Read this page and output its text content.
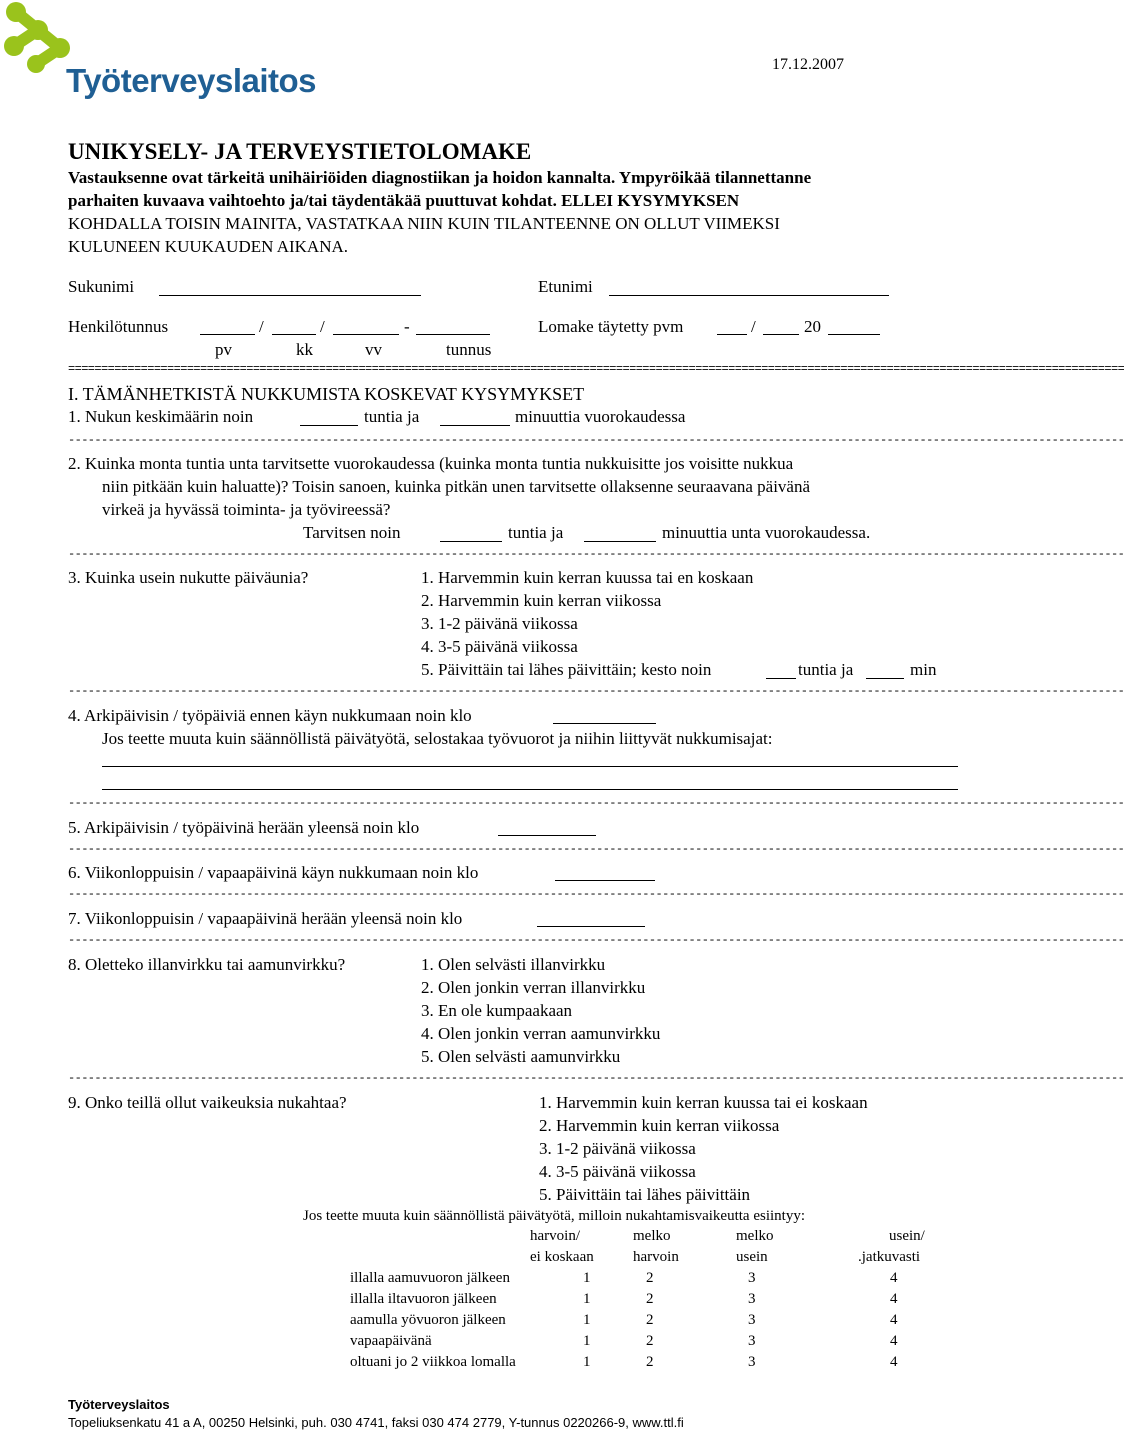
Työterveyslaitos	17.12.2007
UNIKYSELY- JA TERVEYSTIETOLOMAKE
Vastauksenne ovat tärkeitä unihäiriöiden diagnostiikan ja hoidon kannalta. Ympyröikää tilannettanne
parhaiten kuvaava vaihtoehto ja/tai täydentäkää puuttuvat kohdat. ELLEI KYSYMYKSEN
KOHDALLA TOISIN MAINITA, VASTATKAA NIIN KUIN TILANTEENNE ON OLLUT VIIMEKSI
KULUNEEN KUUKAUDEN AIKANA.
Sukunimi	Etunimi
Henkilötunnus	/	/	-	Lomake täytetty pvm	/	20
pv	kk	vv	tunnus
================================================================================================================================================================
I. TÄMÄNHETKISTÄ NUKKUMISTA KOSKEVAT KYSYMYKSET
1. Nukun keskimäärin noin	tuntia ja	minuuttia vuorokaudessa
----------------------------------------------------------------------------------------------------------------------------------------------------------------
2. Kuinka monta tuntia unta tarvitsette vuorokaudessa (kuinka monta tuntia nukkuisitte jos voisitte nukkua
niin pitkään kuin haluatte)? Toisin sanoen, kuinka pitkän unen tarvitsette ollaksenne seuraavana päivänä
virkeä ja hyvässä toiminta- ja työvireessä?
Tarvitsen noin	tuntia ja	minuuttia unta vuorokaudessa.
----------------------------------------------------------------------------------------------------------------------------------------------------------------
3. Kuinka usein nukutte päiväunia?	1. Harvemmin kuin kerran kuussa tai en koskaan
2. Harvemmin kuin kerran viikossa
3. 1-2 päivänä viikossa
4. 3-5 päivänä viikossa
5. Päivittäin tai lähes päivittäin; kesto noin	tuntia ja	min
----------------------------------------------------------------------------------------------------------------------------------------------------------------
4. Arkipäivisin / työpäiviä ennen käyn nukkumaan noin klo
Jos teette muuta kuin säännöllistä päivätyötä, selostakaa työvuorot ja niihin liittyvät nukkumisajat:
----------------------------------------------------------------------------------------------------------------------------------------------------------------
5. Arkipäivisin / työpäivinä herään yleensä noin klo
----------------------------------------------------------------------------------------------------------------------------------------------------------------
6. Viikonloppuisin / vapaapäivinä käyn nukkumaan noin klo
----------------------------------------------------------------------------------------------------------------------------------------------------------------
7. Viikonloppuisin / vapaapäivinä herään yleensä noin klo
----------------------------------------------------------------------------------------------------------------------------------------------------------------
8. Oletteko illanvirkku tai aamunvirkku?	1. Olen selvästi illanvirkku
2. Olen jonkin verran illanvirkku
3. En ole kumpaakaan
4. Olen jonkin verran aamunvirkku
5. Olen selvästi aamunvirkku
----------------------------------------------------------------------------------------------------------------------------------------------------------------
9. Onko teillä ollut vaikeuksia nukahtaa?	1. Harvemmin kuin kerran kuussa tai ei koskaan
2. Harvemmin kuin kerran viikossa
3. 1-2 päivänä viikossa
4. 3-5 päivänä viikossa
5. Päivittäin tai lähes päivittäin
Jos teette muuta kuin säännöllistä päivätyötä, milloin nukahtamisvaikeutta esiintyy:
harvoin/	melko	melko	usein/
ei koskaan	harvoin	usein	.jatkuvasti
illalla aamuvuoron jälkeen	1	2	3	4
illalla iltavuoron jälkeen	1	2	3	4
aamulla yövuoron jälkeen	1	2	3	4
vapaapäivänä	1	2	3	4
oltuani jo 2 viikkoa lomalla	1	2	3	4
Työterveyslaitos
Topeliuksenkatu 41 a A, 00250 Helsinki, puh. 030 4741, faksi 030 474 2779, Y-tunnus 0220266-9, www.ttl.fi
